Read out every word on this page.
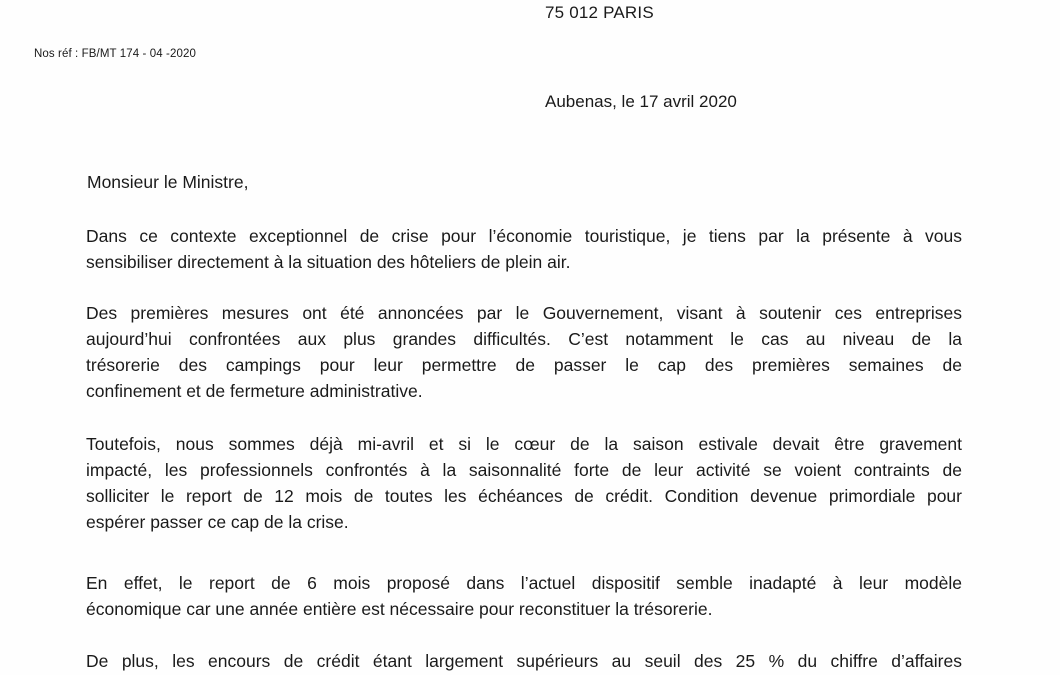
75 012 PARIS
Nos réf : FB/MT 174 - 04 -2020
Aubenas, le 17 avril 2020
Monsieur le Ministre,
Dans ce contexte exceptionnel de crise pour l’économie touristique, je tiens par la présente à vous
sensibiliser directement à la situation des hôteliers de plein air.
Des premières mesures ont été annoncées par le Gouvernement, visant à soutenir ces entreprises
aujourd’hui confrontées aux plus grandes difficultés. C’est notamment le cas au niveau de la
trésorerie des campings pour leur permettre de passer le cap des premières semaines de
confinement et de fermeture administrative.
Toutefois, nous sommes déjà mi-avril et si le cœur de la saison estivale devait être gravement
impacté, les professionnels confrontés à la saisonnalité forte de leur activité se voient contraints de
solliciter le report de 12 mois de toutes les échéances de crédit. Condition devenue primordiale pour
espérer passer ce cap de la crise.
En effet, le report de 6 mois proposé dans l’actuel dispositif semble inadapté à leur modèle
économique car une année entière est nécessaire pour reconstituer la trésorerie.
De plus, les encours de crédit étant largement supérieurs au seuil des 25 % du chiffre d’affaires
